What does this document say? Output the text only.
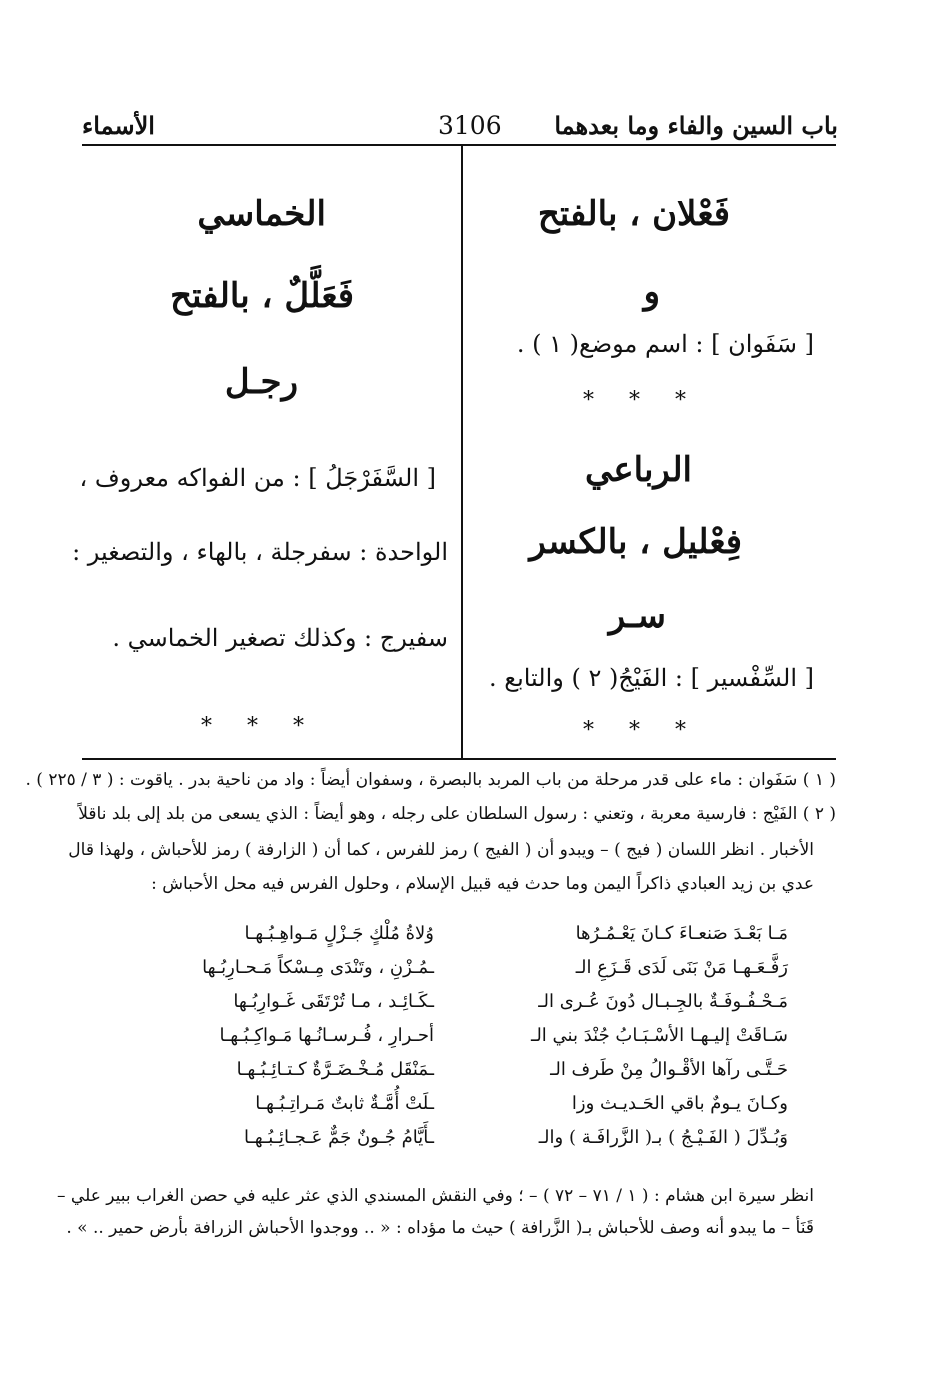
باب السين والفاء وما بعدهما
3106
الأسماء
فَعْلان ، بالفتح
و
[ سَفَوان ] : اسم موضع( ١ ) .
* * *
الرباعي
فِعْليل ، بالكسر
سـر
[ السِّفْسير ] : الفَيْجُ( ٢ ) والتابع .
* * *
الخماسي
فَعَلَّلٌ ، بالفتح
رجـل
[ السَّفَرْجَلُ ] : من الفواكه معروف ،
الواحدة : سفرجلة ، بالهاء ، والتصغير :
سفيرج : وكذلك تصغير الخماسي .
* * *
( ١ ) سَفَوان : ماء على قدر مرحلة من باب المربد بالبصرة ، وسفوان أيضاً : واد من ناحية بدر . ياقوت : ( ٣ / ٢٢٥ ) .
( ٢ ) الفَيْج : فارسية معربة ، وتعني : رسول السلطان على رجله ، وهو أيضاً : الذي يسعى من بلد إلى بلد ناقلاً
الأخبار . انظر اللسان ( فيج ) – ويبدو أن ( الفيج ) رمز للفرس ، كما أن ( الزارفة ) رمز للأحباش ، ولهذا قال
عدي بن زيد العبادي ذاكراً اليمن وما حدث فيه قبيل الإسلام ، وحلول الفرس فيه محل الأحباش :
مَـا بَعْـدَ صَنعـاءَ كـانَ يَعْـمُـرُها
رَفَّـعَـهـا مَنْ بَنَى لَدَى قَـزَعِ الـ
مَـحْـفُـوفَـةٌ بالجِـبـال دُونَ عُـرى الـ
سَـاقَتْ إليـهـا الأسْـبَـابُ جُنْدَ بني الـ
حَـتَّـى رآها الأقْـوالُ مِنْ طَرف الـ
وكـانَ يـومٌ باقي الحَـديـث وزا
وَبُـدِّلَ ( الفَـيْـجُ ) بـ( الزَّرافَـة ) والـ
وُلاةُ مُلْكٍ جَـزْلٍ مَـواهِـبُـهـا
ـمُـزْنِ ، وتَنْدَى مِـسْكاً مَـحـارِبُـها
ـكَـائِـد ، مـا تُرْتَقَى غَـوارِبُـها
أحـرارِ ، فُـرسـانُـها مَـواكِـبُـهـا
ـمَنْقَل مُـخْـضَـرَّةٌ كـتـائِـبُـهـا
ـلَتْ أُمَّـةٌ ثابتٌ مَـراتِـبُـهـا
ـأَيَّامُ جُـونٌ جَمٌّ عَـجـائِـبُـهـا
انظر سيرة ابن هشام : ( ١ / ٧١ – ٧٢ ) – ؛ وفي النقش المسندي الذي عثر عليه في حصن الغراب ببير علي –
قَنَأ – ما يبدو أنه وصف للأحباش بـ( الزَّرافة ) حيث ما مؤداه : « .. ووجدوا الأحباش الزرافة بأرض حمير .. » .
